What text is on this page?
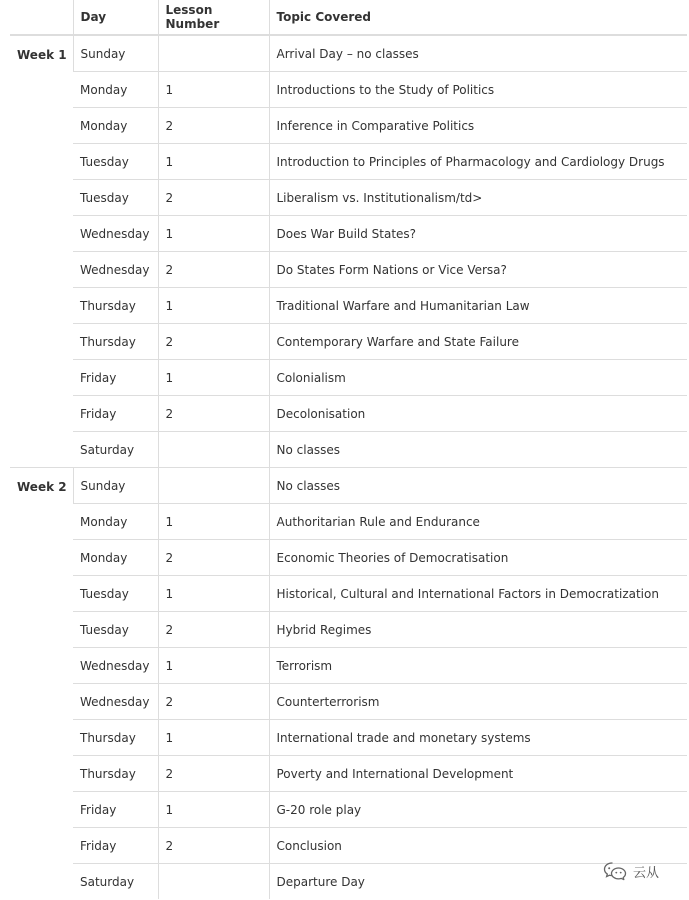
	Day	Lesson Number	Topic Covered
Week 1	Sunday		Arrival Day – no classes
	Monday	1	Introductions to the Study of Politics
	Monday	2	Inference in Comparative Politics
	Tuesday	1	Introduction to Principles of Pharmacology and Cardiology Drugs
	Tuesday	2	Liberalism vs. Institutionalism/td>
	Wednesday	1	Does War Build States?
	Wednesday	2	Do States Form Nations or Vice Versa?
	Thursday	1	Traditional Warfare and Humanitarian Law
	Thursday	2	Contemporary Warfare and State Failure
	Friday	1	Colonialism
	Friday	2	Decolonisation
	Saturday		No classes
Week 2	Sunday		No classes
	Monday	1	Authoritarian Rule and Endurance
	Monday	2	Economic Theories of Democratisation
	Tuesday	1	Historical, Cultural and International Factors in Democratization
	Tuesday	2	Hybrid Regimes
	Wednesday	1	Terrorism
	Wednesday	2	Counterterrorism
	Thursday	1	International trade and monetary systems
	Thursday	2	Poverty and International Development
	Friday	1	G-20 role play
	Friday	2	Conclusion
	Saturday		Departure Day
云从
